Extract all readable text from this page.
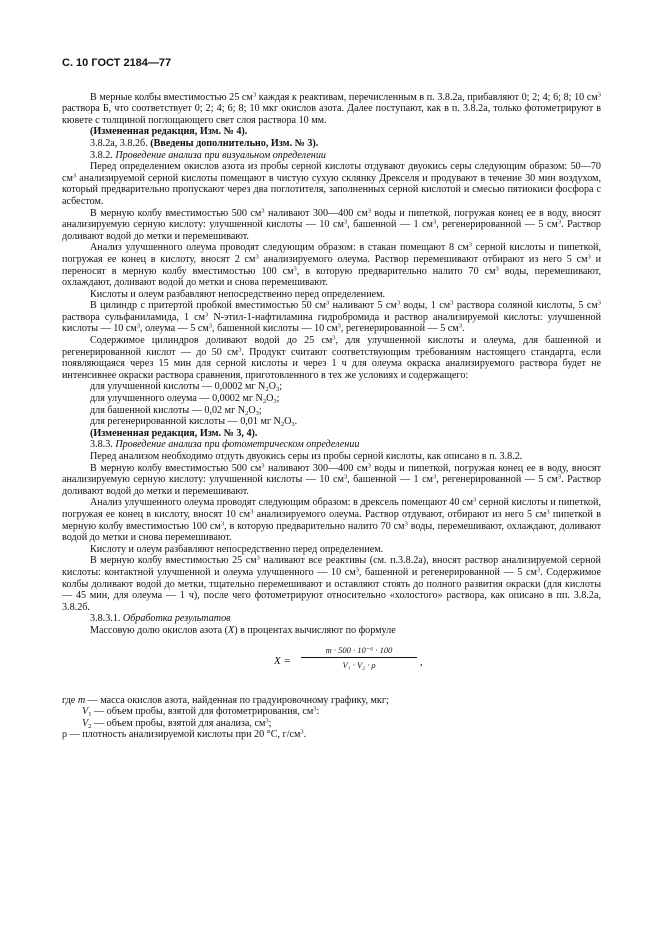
С. 10 ГОСТ 2184—77

В мерные колбы вместимостью 25 $см^3$ каждая к реактивам, перечисленным в п. 3.8.2а, прибавляют 0; 2; 4; 6; 8; 10 $см^3$ раствора Б, что соответствует 0; 2; 4; 6; 8; 10 мкг окислов азота. Далее поступают, как в п. 3.8.2а, только фотометрируют в кювете с толщиной поглощающего свет слоя раствора 10 мм.

(Измененная редакция, Изм. № 4).

3.8.2а, 3.8.2б. (Введены дополнительно, Изм. № 3).

3.8.2. Проведение анализа при визуальном определении

Перед определением окислов азота из пробы серной кислоты отдувают двуокись серы следующим образом: 50—70 $см^3$ анализируемой серной кислоты помещают в чистую сухую склянку Дрекселя и продувают в течение 30 мин воздухом, который предварительно пропускают через два поглотителя, заполненных серной кислотой и смесью пятиокиси фосфора с асбестом.

В мерную колбу вместимостью 500 $см^3$ наливают 300—400 $см^3$ воды и пипеткой, погружая конец ее в воду, вносят анализируемую серную кислоту: улучшенной кислоты — 10 $см^3$, башенной — 1 $см^3$, регенерированной — 5 $см^3$. Раствор доливают водой до метки и перемешивают.

Анализ улучшенного олеума проводят следующим образом: в стакан помещают 8 $см^3$ серной кислоты и пипеткой, погружая ее конец в кислоту, вносят 2 $см^3$ анализируемого олеума. Раствор перемешивают отбирают из него 5 $см^3$ и переносят в мерную колбу вместимостью 100 $см^3$, в которую предварительно налито 70 $см^3$ воды, перемешивают, охлаждают, доливают водой до метки и снова перемешивают.

Кислоты и олеум разбавляют непосредственно перед определением.

В цилиндр с притертой пробкой вместимостью 50 $см^3$ наливают 5 $см^3$ воды, 1 $см^3$ раствора соляной кислоты, 5 $см^3$ раствора сульфаниламида, 1 $см^3$ N-этил-1-нафтиламина гидробромида и раствор анализируемой кислоты: улучшенной кислоты — 10 $см^3$, олеума — 5 $см^3$, башенной кислоты — 10 $см^3$, регенерированной — 5 $см^3$.

Содержимое цилиндров доливают водой до 25 $см^3$, для улучшенной кислоты и олеума, для башенной и регенерированной кислот — до 50 $см^3$. Продукт считают соответствующим требованиям настоящего стандарта, если появляющаяся через 15 мин для серной кислоты и через 1 ч для олеума окраска анализируемого раствора будет не интенсивнее окраски раствора сравнения, приготовленного в тех же условиях и содержащего:

для улучшенной кислоты — 0,0002 мг $N_2O_3$;

для улучшенного олеума — 0,0002 мг $N_2O_3$;

для башенной кислоты — 0,02 мг $N_2O_3$;

для регенерированной кислоты — 0,01 мг $N_2O_3$.

(Измененная редакция, Изм. № 3, 4).

3.8.3. Проведение анализа при фотометрическом определении

Перед анализом необходимо отдуть двуокись серы из пробы серной кислоты, как описано в п. 3.8.2.

В мерную колбу вместимостью 500 $см^3$ наливают 300—400 $см^3$ воды и пипеткой, погружая конец ее в воду, вносят анализируемую серную кислоту: улучшенной кислоты — 10 $см^3$, башенной — 1 $см^3$, регенерированной — 5 $см^3$. Раствор доливают водой до метки и перемешивают.

Анализ улучшенного олеума проводят следующим образом: в дрексель помещают 40 $см^3$ серной кислоты и пипеткой, погружая ее конец в кислоту, вносят 10 $см^3$ анализируемого олеума. Раствор отдувают, отбирают из него 5 $см^3$ пипеткой в мерную колбу вместимостью 100 $см^3$, в которую предварительно налито 70 $см^3$ воды, перемешивают, охлаждают, доливают водой до метки и снова перемешивают.

Кислоту и олеум разбавляют непосредственно перед определением.

В мерную колбу вместимостью 25 $см^3$ наливают все реактивы (см. п.3.8.2а), вносят раствор анализируемой серной кислоты: контактной улучшенной и олеума улучшенного — 10 $см^3$, башенной и регенерированной — 5 $см^3$. Содержимое колбы доливают водой до метки, тщательно перемешивают и оставляют стоять до полного развития окраски (для кислоты — 45 мин, для олеума — 1 ч), после чего фотометрируют относительно «холостого» раствора, как описано в пп. 3.8.2а, 3.8.2б.

3.8.3.1. Обработка результатов

Массовую долю окислов азота (X) в процентах вычисляют по формуле

$X = \frac{\text{m · 500 · 10⁻⁶ · 100}}{\text{V₁ · V₂ · ρ}}$ ,

где m — масса окислов азота, найденная по градуировочному графику, мкг;

$V_1$ — объем пробы, взятой для фотометрирования, $см^3$:

$V_2$ — объем пробы, взятой для анализа, $см^3$;

ρ — плотность анализируемой кислоты при 20 °С, $г/см^3$.
